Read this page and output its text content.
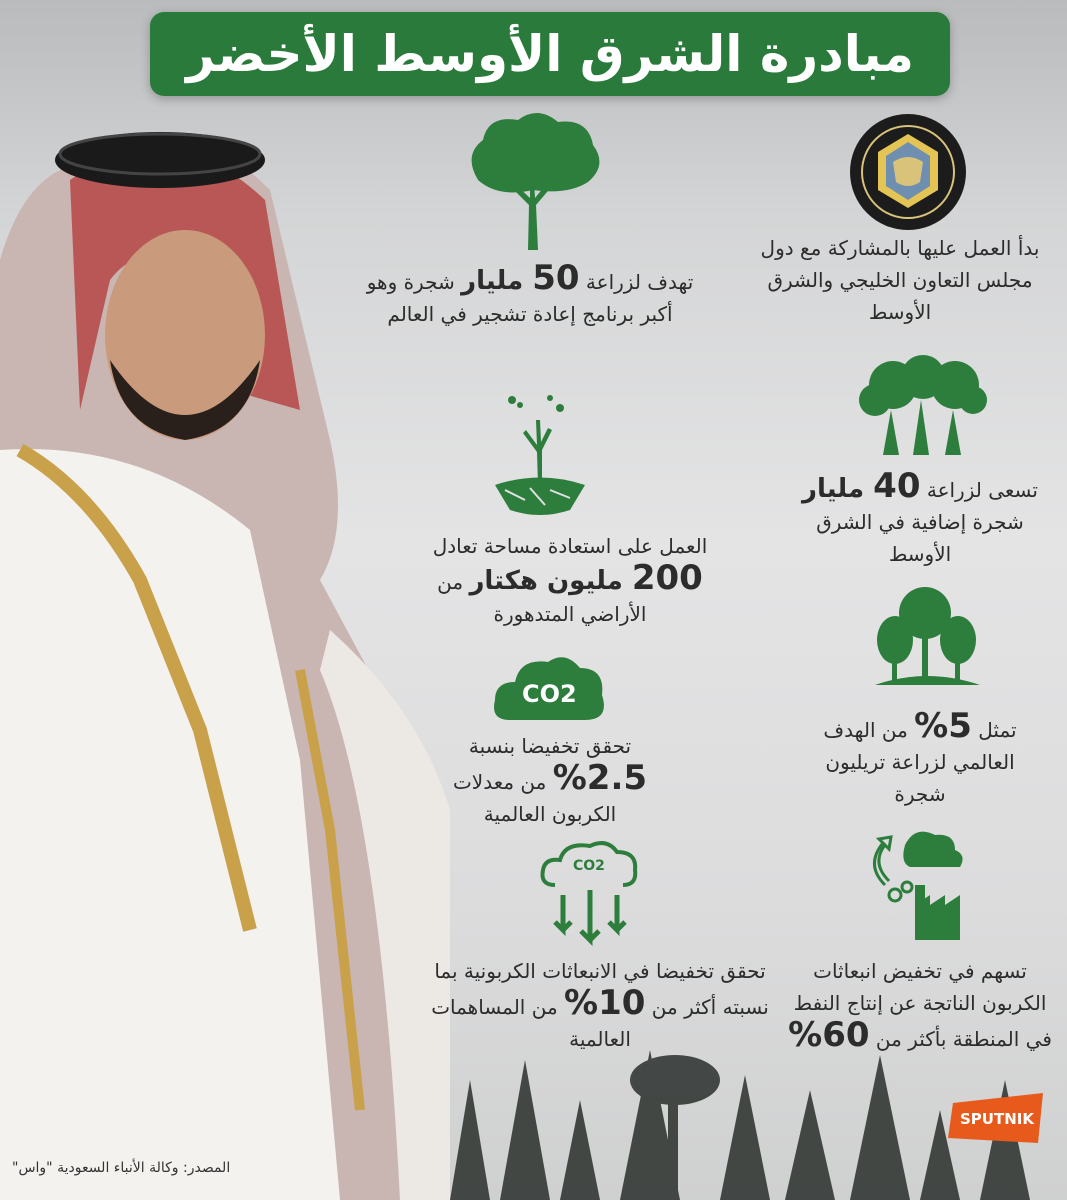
مبادرة الشرق الأوسط الأخضر
تهدف لزراعة 50 مليار شجرة وهو أكبر برنامج إعادة تشجير في العالم
العمل على استعادة مساحة تعادل 200 مليون هكتار من الأراضي المتدهورة
CO2
تحقق تخفيضا بنسبة 2.5% من معدلات الكربون العالمية
CO2
تحقق تخفيضا في الانبعاثات الكربونية بما نسبته أكثر من 10% من المساهمات العالمية
بدأ العمل عليها بالمشاركة مع دول مجلس التعاون الخليجي والشرق الأوسط
تسعى لزراعة 40 مليار شجرة إضافية في الشرق الأوسط
تمثل 5% من الهدف العالمي لزراعة تريليون شجرة
تسهم في تخفيض انبعاثات الكربون الناتجة عن إنتاج النفط في المنطقة بأكثر من 60%
SPUTNIK
المصدر: وكالة الأنباء السعودية "واس"
